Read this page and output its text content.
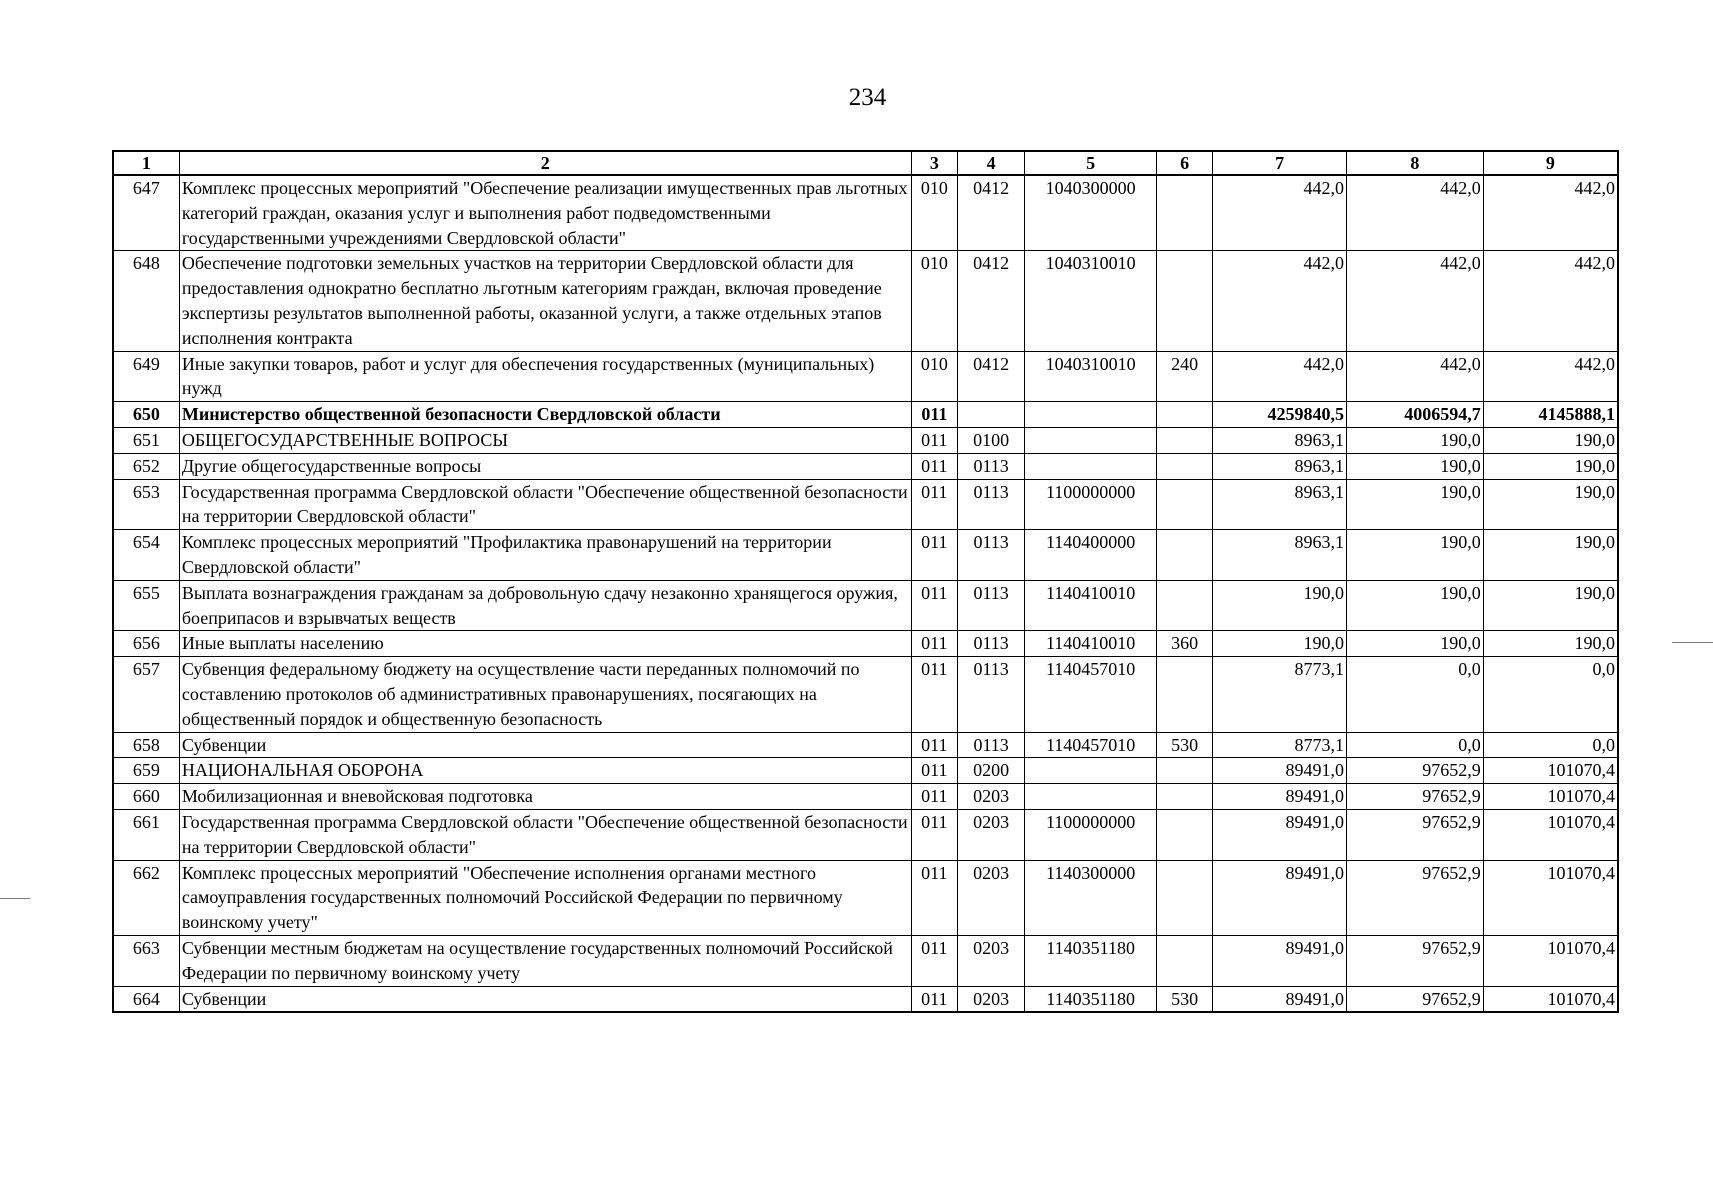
234
1	2	3	4	5	6	7	8	9
647	Комплекс процессных мероприятий "Обеспечение реализации имущественных прав льготных категорий граждан, оказания услуг и выполнения работ подведомственными государственными учреждениями Свердловской области"	010	0412	1040300000		442,0	442,0	442,0
648	Обеспечение подготовки земельных участков на территории Свердловской области для предоставления однократно бесплатно льготным категориям граждан, включая проведение экспертизы результатов выполненной работы, оказанной услуги, а также отдельных этапов исполнения контракта	010	0412	1040310010		442,0	442,0	442,0
649	Иные закупки товаров, работ и услуг для обеспечения государственных (муниципальных) нужд	010	0412	1040310010	240	442,0	442,0	442,0
650	Министерство общественной безопасности Свердловской области	011				4259840,5	4006594,7	4145888,1
651	ОБЩЕГОСУДАРСТВЕННЫЕ ВОПРОСЫ	011	0100			8963,1	190,0	190,0
652	Другие общегосударственные вопросы	011	0113			8963,1	190,0	190,0
653	Государственная программа Свердловской области "Обеспечение общественной безопасности на территории Свердловской области"	011	0113	1100000000		8963,1	190,0	190,0
654	Комплекс процессных мероприятий "Профилактика правонарушений на территории Свердловской области"	011	0113	1140400000		8963,1	190,0	190,0
655	Выплата вознаграждения гражданам за добровольную сдачу незаконно хранящегося оружия, боеприпасов и взрывчатых веществ	011	0113	1140410010		190,0	190,0	190,0
656	Иные выплаты населению	011	0113	1140410010	360	190,0	190,0	190,0
657	Субвенция федеральному бюджету на осуществление части переданных полномочий по составлению протоколов об административных правонарушениях, посягающих на общественный порядок и общественную безопасность	011	0113	1140457010		8773,1	0,0	0,0
658	Субвенции	011	0113	1140457010	530	8773,1	0,0	0,0
659	НАЦИОНАЛЬНАЯ ОБОРОНА	011	0200			89491,0	97652,9	101070,4
660	Мобилизационная и вневойсковая подготовка	011	0203			89491,0	97652,9	101070,4
661	Государственная программа Свердловской области "Обеспечение общественной безопасности на территории Свердловской области"	011	0203	1100000000		89491,0	97652,9	101070,4
662	Комплекс процессных мероприятий "Обеспечение исполнения органами местного самоуправления государственных полномочий Российской Федерации по первичному воинскому учету"	011	0203	1140300000		89491,0	97652,9	101070,4
663	Субвенции местным бюджетам на осуществление государственных полномочий Российской Федерации по первичному воинскому учету	011	0203	1140351180		89491,0	97652,9	101070,4
664	Субвенции	011	0203	1140351180	530	89491,0	97652,9	101070,4
